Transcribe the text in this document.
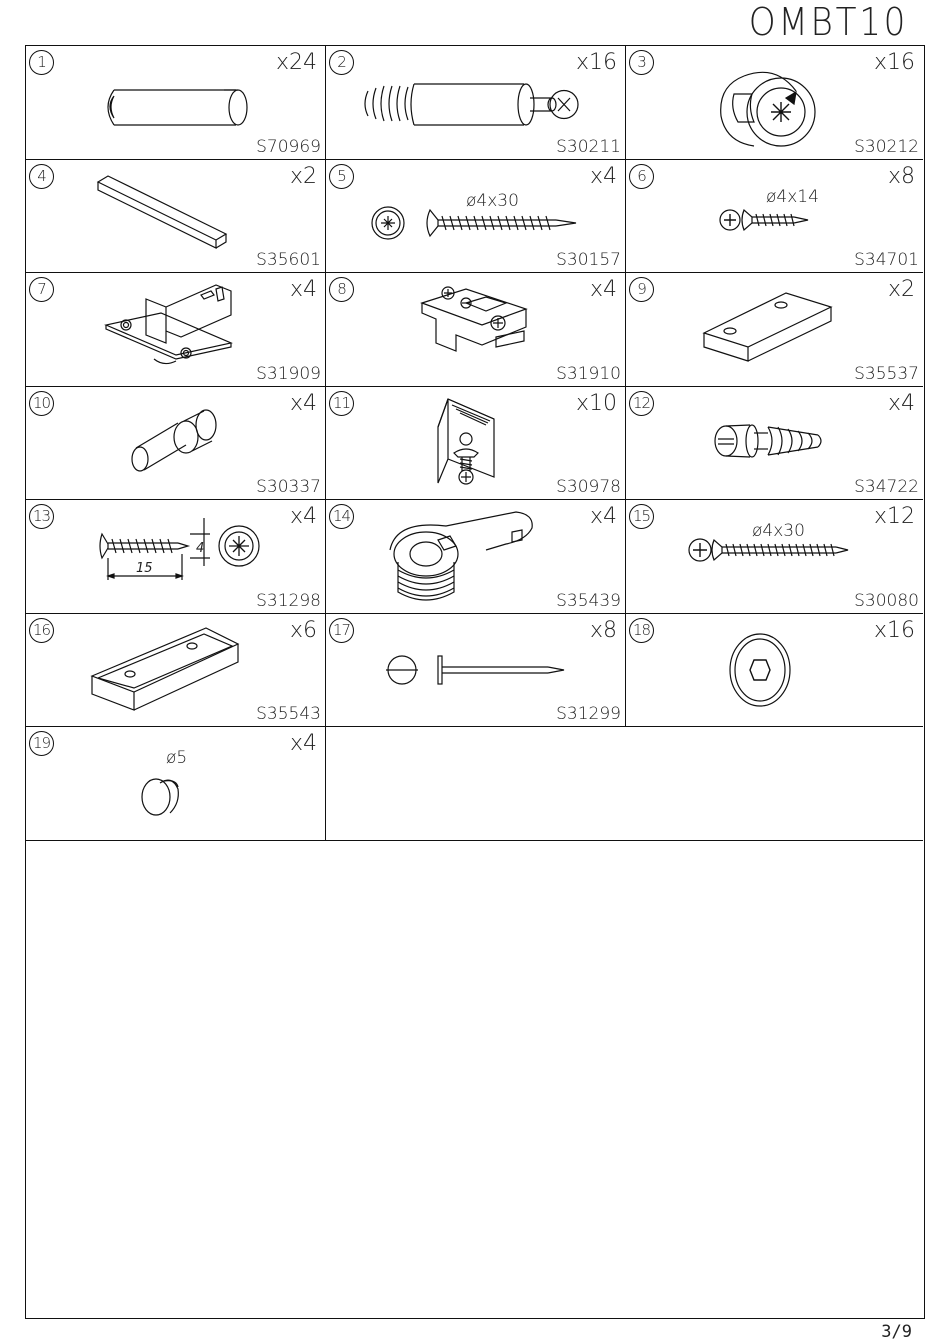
OMBT10
1	x24
S70969
2	x16
S30211
3	x16
S30212
4	x2
S35601
5	x4
ø4x30
S30157
6	x8
ø4x14
S34701
7	x4
S31909
8	x4
S31910
9	x2
S35537
10	x4
S30337
11	x10
S30978
12	x4
S34722
13	x4
15
4
S31298
14	x4
S35439
15	x12
ø4x30
S30080
16	x6
S35543
17	x8
S31299
18	x16
19	x4
ø5
3/9
